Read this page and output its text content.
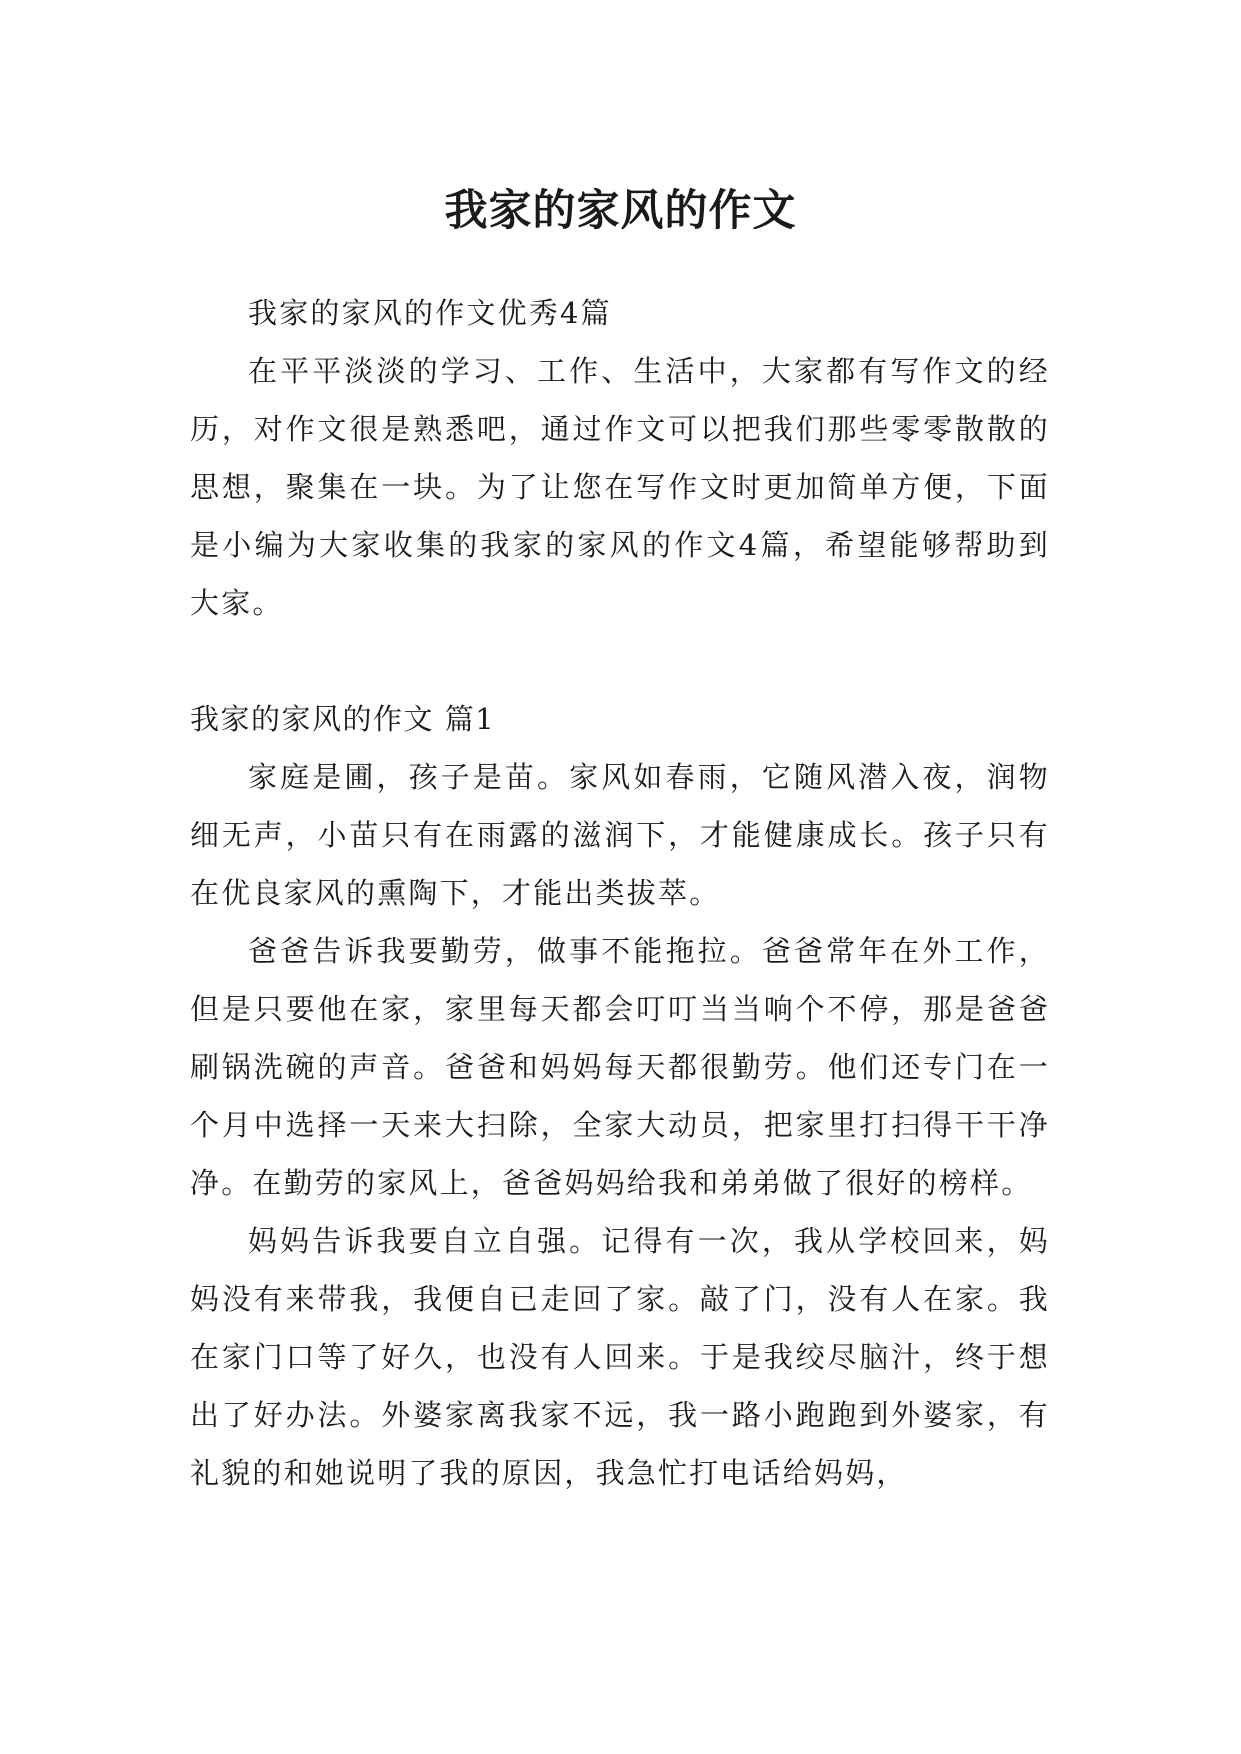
我家的家风的作文

我家的家风的作文优秀4篇

在平平淡淡的学习、工作、生活中，大家都有写作文的经历，对作文很是熟悉吧，通过作文可以把我们那些零零散散的思想，聚集在一块。为了让您在写作文时更加简单方便，下面是小编为大家收集的我家的家风的作文4篇，希望能够帮助到大家。

我家的家风的作文 篇1

家庭是圃，孩子是苗。家风如春雨，它随风潜入夜，润物细无声，小苗只有在雨露的滋润下，才能健康成长。孩子只有在优良家风的熏陶下，才能出类拔萃。

爸爸告诉我要勤劳，做事不能拖拉。爸爸常年在外工作，但是只要他在家，家里每天都会叮叮当当响个不停，那是爸爸刷锅洗碗的声音。爸爸和妈妈每天都很勤劳。他们还专门在一个月中选择一天来大扫除，全家大动员，把家里打扫得干干净净。在勤劳的家风上，爸爸妈妈给我和弟弟做了很好的榜样。

妈妈告诉我要自立自强。记得有一次，我从学校回来，妈妈没有来带我，我便自已走回了家。敲了门，没有人在家。我在家门口等了好久，也没有人回来。于是我绞尽脑汁，终于想出了好办法。外婆家离我家不远，我一路小跑跑到外婆家，有礼貌的和她说明了我的原因，我急忙打电话给妈妈，
